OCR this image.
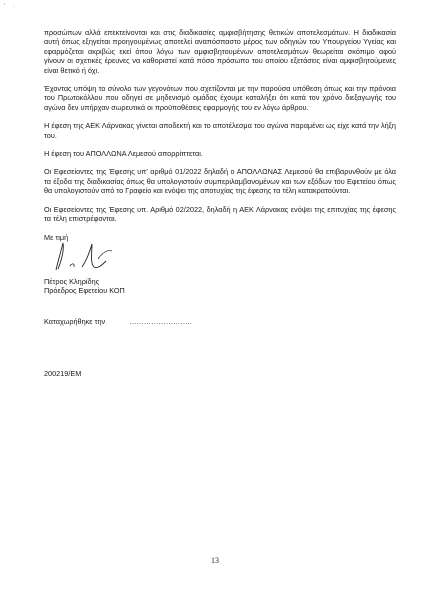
' ·

προσώπων αλλά επεκτείνονται και στις διαδικασίες αμφισβήτησης θετικών αποτελεσμάτων. Η διαδικασία αυτή όπως εξηγείται προηγουμένως αποτελεί αναπόσπαστο μέρος των οδηγιών του Υπουργείου Υγείας και εφαρμόζεται ακριβώς εκεί όπου λόγω των αμφισβητουμένων αποτελεσμάτων θεωρείται σκόπιμο αφού γίνουν οι σχετικές έρευνες να καθοριστεί κατά πόσο πρόσωπο του οποίου εξετάσεις είναι αμφισβητούμενες είναι θετικό ή όχι.

Έχοντας υπόψη το σύνολο των γεγονότων που σχετίζονται με την παρούσα υπόθεση όπως και την πρόνοια του Πρωτοκόλλου που οδηγεί σε μηδενισμό ομάδας έχουμε καταλήξει ότι κατά τον χρόνο διεξαγωγής του αγώνα δεν υπήρχαν σωρευτικά οι προϋποθέσεις εφαρμογής του εν λόγω άρθρου.

Η έφεση της ΑΕΚ Λάρνακας γίνεται αποδεκτή και το αποτέλεσμα του αγώνα παραμένει ως είχε κατά την λήξη του.

Η έφεση του ΑΠΟΛΛΩΝΑ Λεμεσού απορρίπτεται.

Οι Εφεσείοντες της Έφεσης υπ' αριθμό 01/2022 δηλαδή ο ΑΠΟΛΛΩΝΑΣ Λεμεσού θα επιβαρυνθούν με όλα τα έξοδα της διαδικασίας όπως θα υπολογιστούν συμπεριλαμβανομένων και των εξόδων του Εφετείου όπως θα υπολογιστούν από το Γραφείο και ενόψει της αποτυχίας της έφεσης τα τέλη κατακρατούνται.

Οι Εφεσείοντες της Έφεσης υπ. Αριθμό 02/2022, δηλαδή η ΑΕΚ Λάρνακας ενόψει της επιτυχίας της έφεσης τα τέλη επιστρέφονται.

Με τιμή
Πέτρος Κληρίδης
Πρόεδρος Εφετείου ΚΟΠ
Καταχωρήθηκε την	……………………..
200219/ΕΜ
13
